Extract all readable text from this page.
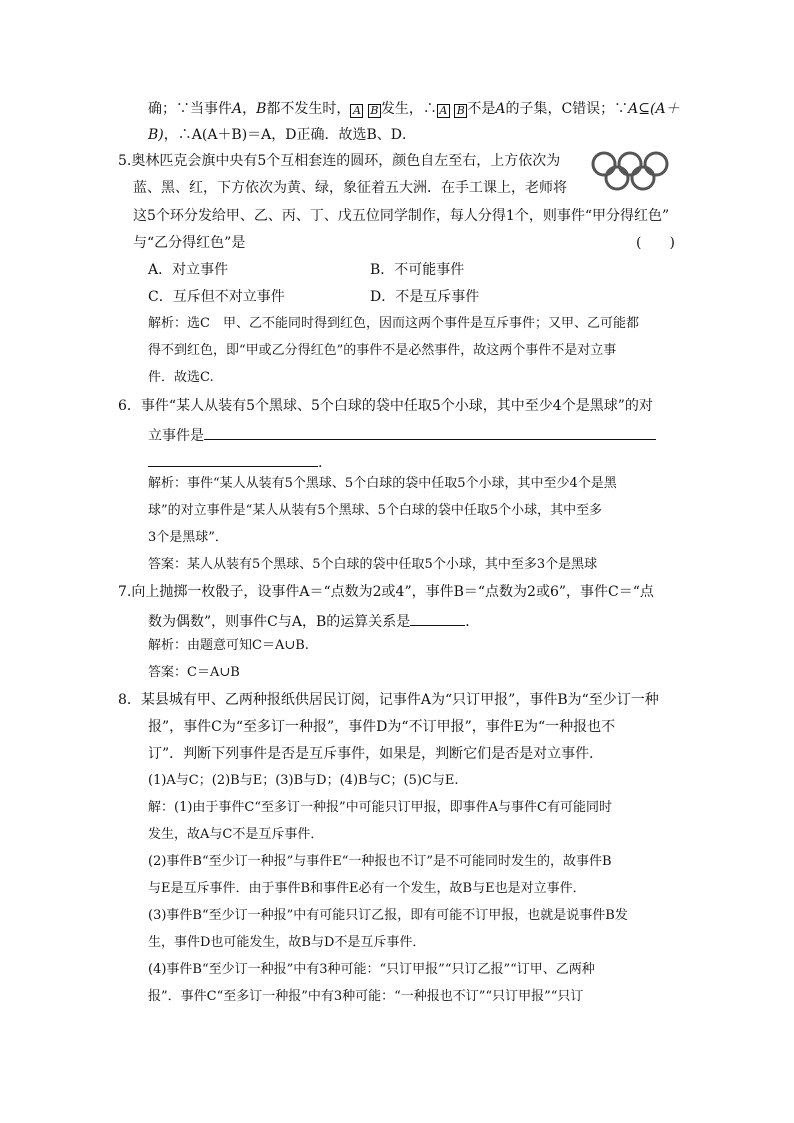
确；∵当事件A，B都不发生时， A B 发生，∴ A B 不是A的子集，C错误；∵A⊆(A＋
B)，∴A(A＋B)＝A，D正确．故选B、D．
5.奥林匹克会旗中央有5个互相套连的圆环，颜色自左至右，上方依次为
蓝、黑、红，下方依次为黄、绿，象征着五大洲．在手工课上，老师将
这5个环分发给甲、乙、丙、丁、戊五位同学制作，每人分得1个，则事件“甲分得红色”
与“乙分得红色”是	(　　)
A．对立事件	B．不可能事件
C．互斥但不对立事件	D．不是互斥事件
解析：选C　甲、乙不能同时得到红色，因而这两个事件是互斥事件；又甲、乙可能都
得不到红色，即“甲或乙分得红色”的事件不是必然事件，故这两个事件不是对立事
件．故选C.
6．事件“某人从装有5个黑球、5个白球的袋中任取5个小球，其中至少4个是黑球”的对
立事件是
.
解析：事件“某人从装有5个黑球、5个白球的袋中任取5个小球，其中至少4个是黑
球”的对立事件是“某人从装有5个黑球、5个白球的袋中任取5个小球，其中至多
3个是黑球”．
答案：某人从装有5个黑球、5个白球的袋中任取5个小球，其中至多3个是黑球
7.向上抛掷一枚骰子，设事件A＝“点数为2或4”，事件B＝“点数为2或6”，事件C＝“点
数为偶数”，则事件C与A，B的运算关系是	．
解析：由题意可知C＝A∪B.
答案：C＝A∪B
8．某县城有甲、乙两种报纸供居民订阅，记事件A为“只订甲报”，事件B为“至少订一种
报”，事件C为“至多订一种报”，事件D为“不订甲报”，事件E为“一种报也不
订”．判断下列事件是否是互斥事件，如果是，判断它们是否是对立事件．
(1)A与C；(2)B与E；(3)B与D；(4)B与C；(5)C与E.
解：(1)由于事件C“至多订一种报”中可能只订甲报，即事件A与事件C有可能同时
发生，故A与C不是互斥事件．
(2)事件B“至少订一种报”与事件E“一种报也不订”是不可能同时发生的，故事件B
与E是互斥事件．由于事件B和事件E必有一个发生，故B与E也是对立事件．
(3)事件B“至少订一种报”中有可能只订乙报，即有可能不订甲报，也就是说事件B发
生，事件D也可能发生，故B与D不是互斥事件．
(4)事件B“至少订一种报”中有3种可能：“只订甲报”“只订乙报”“订甲、乙两种
报”．事件C“至多订一种报”中有3种可能：“一种报也不订”“只订甲报”“只订
